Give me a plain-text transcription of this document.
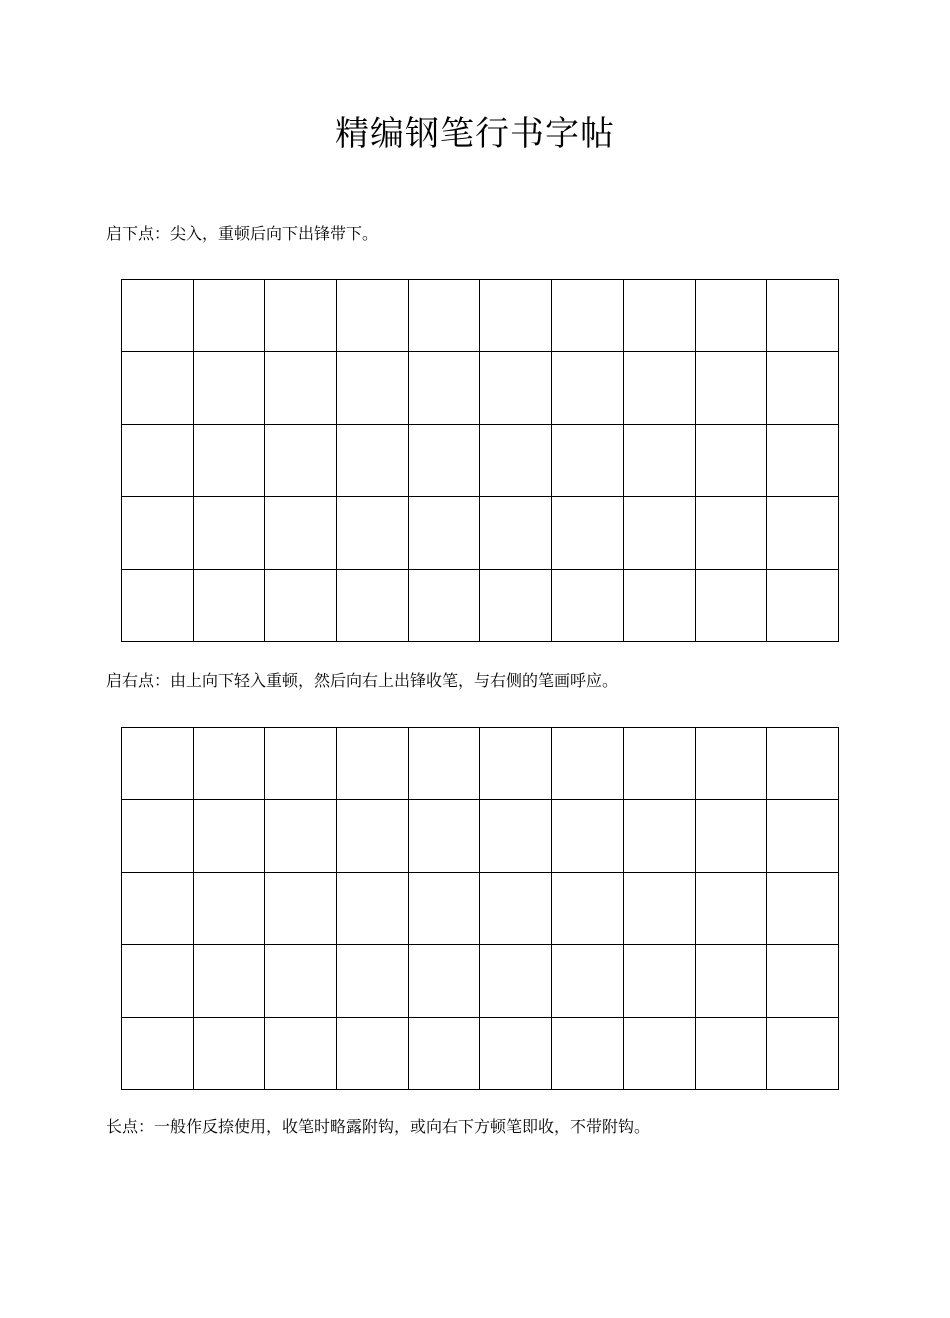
精编钢笔行书字帖
启下点：尖入，重顿后向下出锋带下。

启右点：由上向下轻入重顿，然后向右上出锋收笔，与右侧的笔画呼应。

长点：一般作反捺使用，收笔时略露附钩，或向右下方顿笔即收，不带附钩。
